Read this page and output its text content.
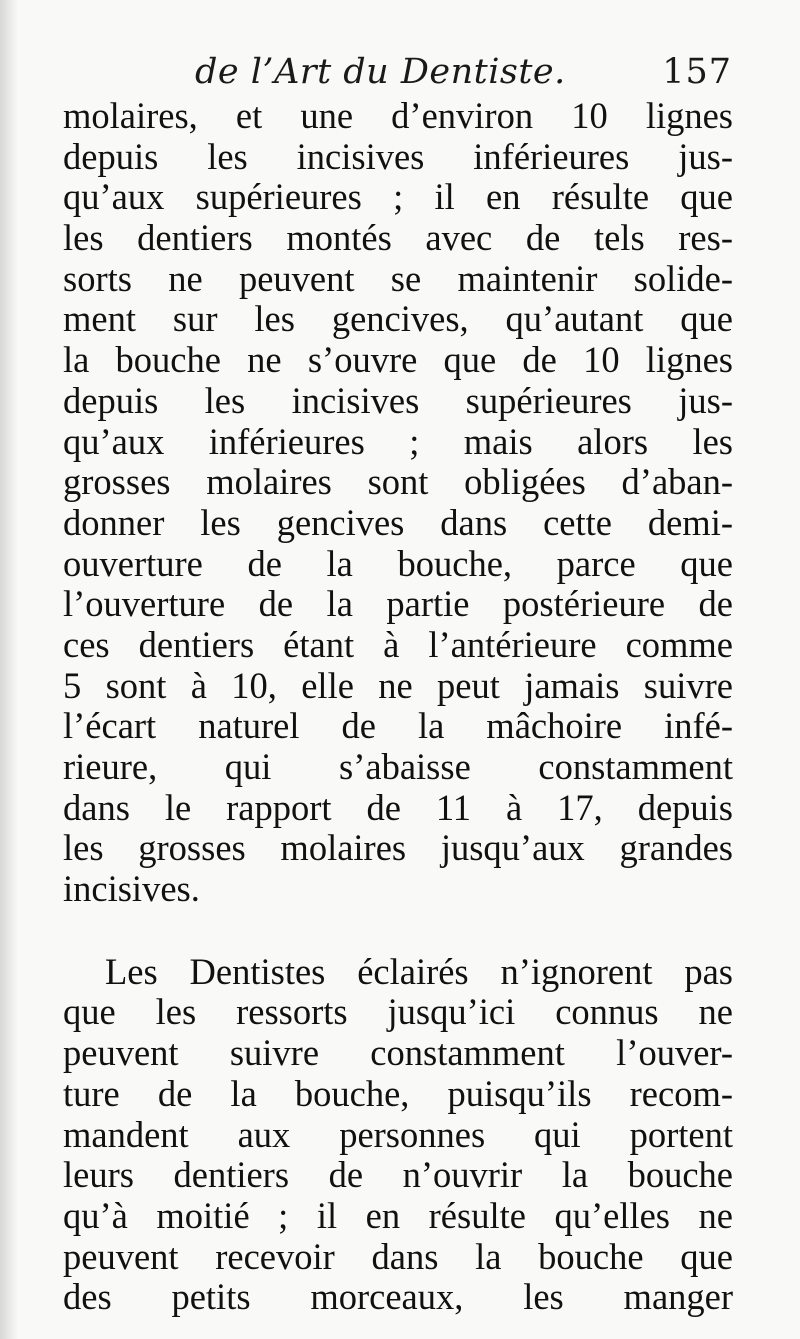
de l’Art du Dentiste.	157
molaires, et une d’environ 10 lignes
depuis les incisives inférieures jus-
qu’aux supérieures ; il en résulte que
les dentiers montés avec de tels res-
sorts ne peuvent se maintenir solide-
ment sur les gencives, qu’autant que
la bouche ne s’ouvre que de 10 lignes
depuis les incisives supérieures jus-
qu’aux inférieures ; mais alors les
grosses molaires sont obligées d’aban-
donner les gencives dans cette demi-
ouverture de la bouche, parce que
l’ouverture de la partie postérieure de
ces dentiers étant à l’antérieure comme
5 sont à 10, elle ne peut jamais suivre
l’écart naturel de la mâchoire infé-
rieure, qui s’abaisse constamment
dans le rapport de 11 à 17, depuis
les grosses molaires jusqu’aux grandes
incisives.
Les Dentistes éclairés n’ignorent pas
que les ressorts jusqu’ici connus ne
peuvent suivre constamment l’ouver-
ture de la bouche, puisqu’ils recom-
mandent aux personnes qui portent
leurs dentiers de n’ouvrir la bouche
qu’à moitié ; il en résulte qu’elles ne
peuvent recevoir dans la bouche que
des petits morceaux, les manger
